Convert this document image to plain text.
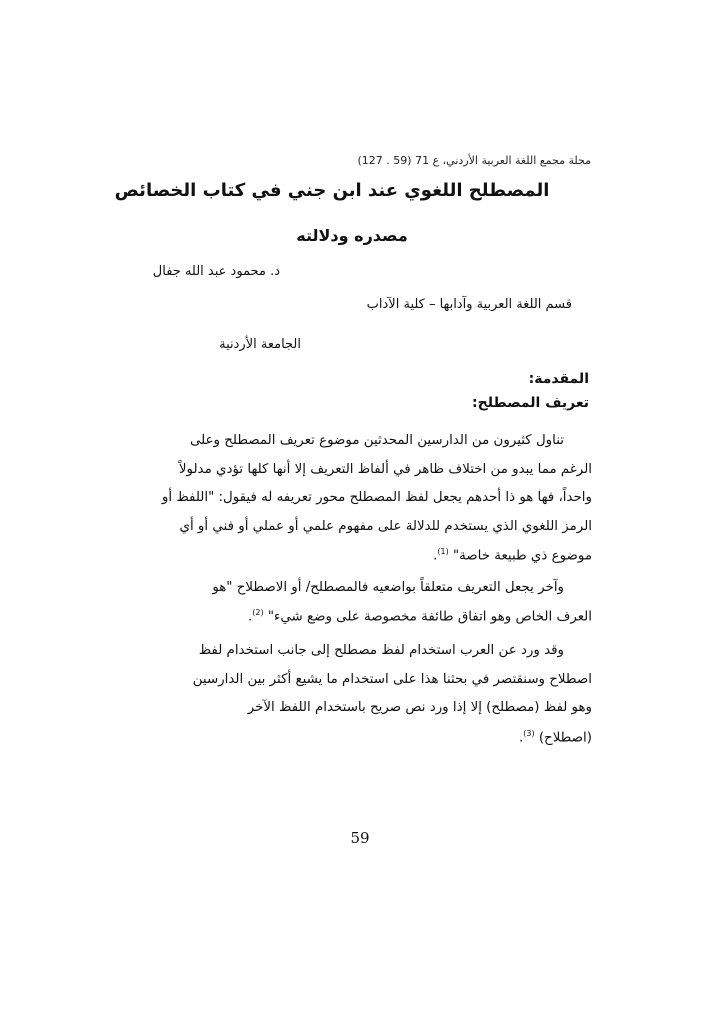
مجلة مجمع اللغة العربية الأردني، ع 71 (59 . 127)
المصطلح اللغوي عند ابن جني في كتاب الخصائص
مصدره ودلالته
د. محمود عبد الله جفال
قسم اللغة العربية وآدابها – كلية الآداب
الجامعة الأردنية
المقدمة:
تعريف المصطلح:
تناول كثيرون من الدارسين المحدثين موضوع تعريف المصطلح وعلى
الرغم مما يبدو من اختلاف ظاهر في ألفاظ التعريف إلا أنها كلها تؤدي مدلولاً
واحداً، فها هو ذا أحدهم يجعل لفظ المصطلح محور تعريفه له فيقول: "اللفظ أو
الرمز اللغوي الذي يستخدم للدلالة على مفهوم علمي أو عملي أو فني أو أي
موضوع ذي طبيعة خاصة" $^{(1)}$.
وآخر يجعل التعريف متعلقاً بواضعيه فالمصطلح/ أو الاصطلاح "هو
العرف الخاص وهو اتفاق طائفة مخصوصة على وضع شيء" $^{(2)}$.
وقد ورد عن العرب استخدام لفظ مصطلح إلى جانب استخدام لفظ
اصطلاح وسنقتصر في بحثنا هذا على استخدام ما يشيع أكثر بين الدارسين
وهو لفظ (مصطلح) إلا إذا ورد نص صريح باستخدام اللفظ الآخر
(اصطلاح) $^{(3)}$.
59
